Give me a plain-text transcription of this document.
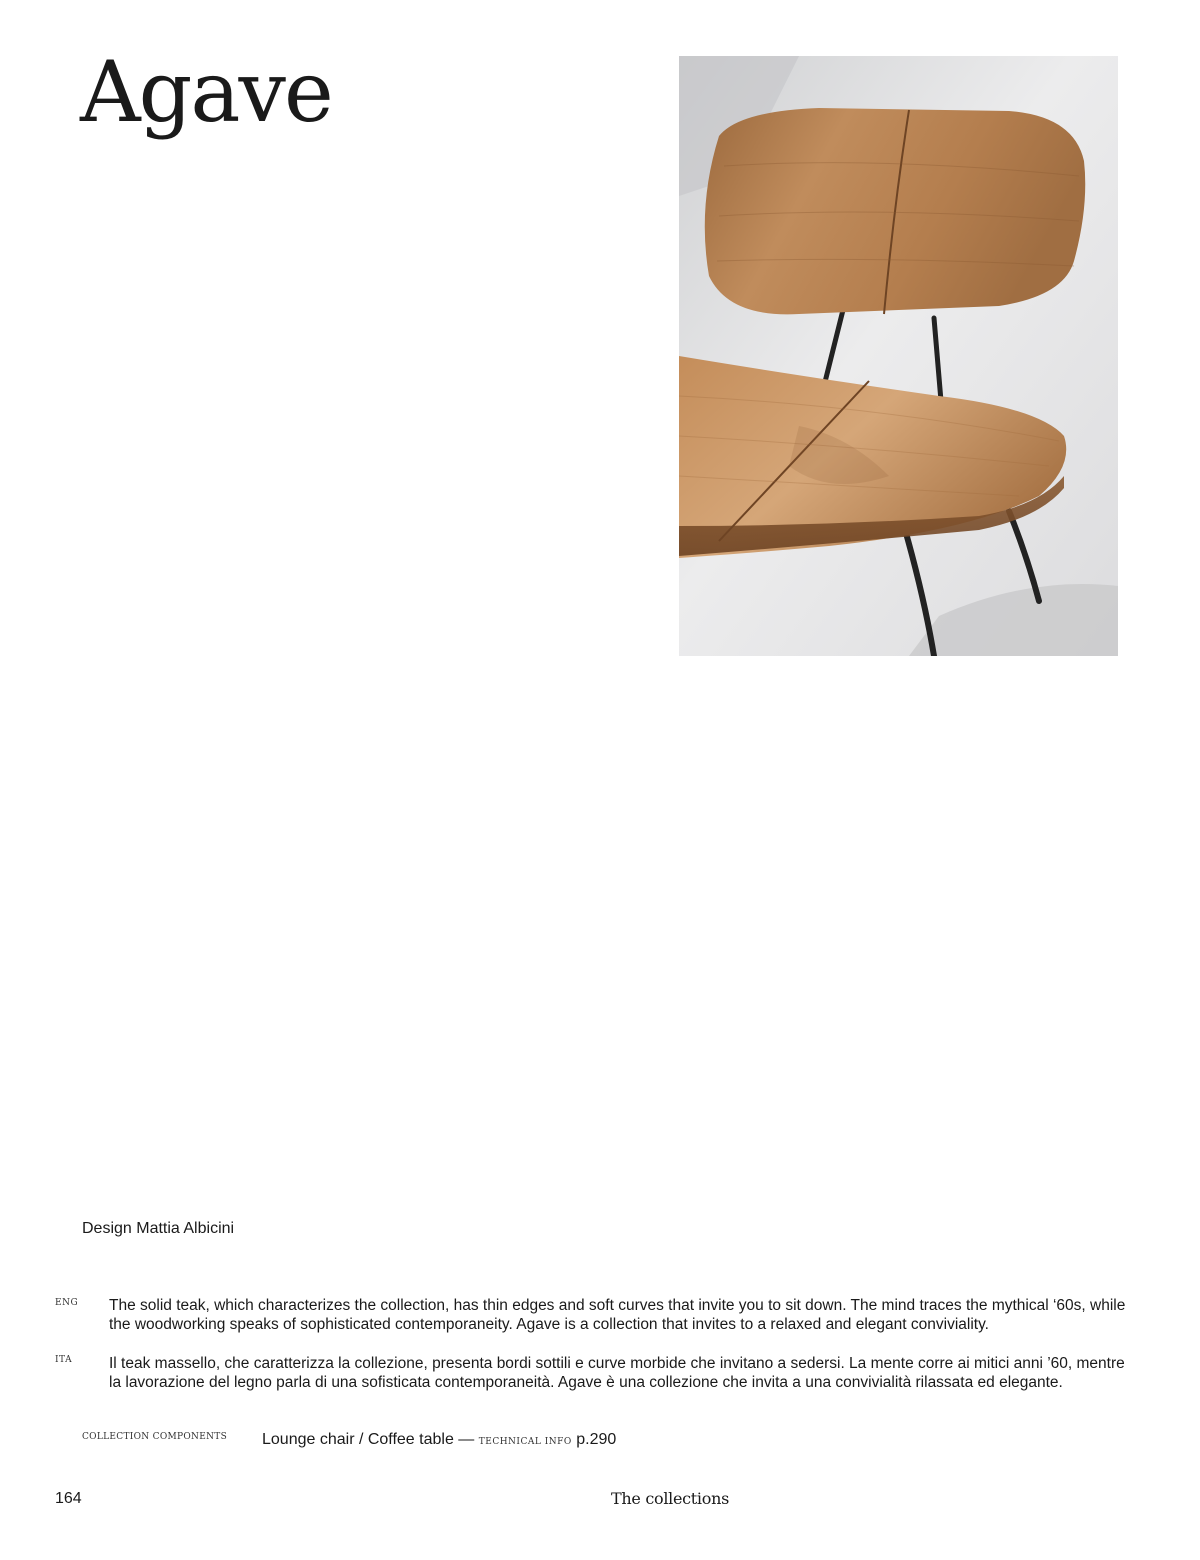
Agave
Design Mattia Albicini
ENG The solid teak, which characterizes the collection, has thin edges and soft curves that invite you to sit down. The mind traces the mythical ‘60s, while the woodworking speaks of sophisticated contemporaneity. Agave is a collection that invites to a relaxed and elegant conviviality.

ITA Il teak massello, che caratterizza la collezione, presenta bordi sottili e curve morbide che invitano a sedersi. La mente corre ai mitici anni ’60, mentre la lavorazione del legno parla di una sofisticata contemporaneità. Agave è una collezione che invita a una convivialità rilassata ed elegante.

COLLECTION COMPONENTS Lounge chair / Coffee table — TECHNICAL INFO p.290
164	The collections
